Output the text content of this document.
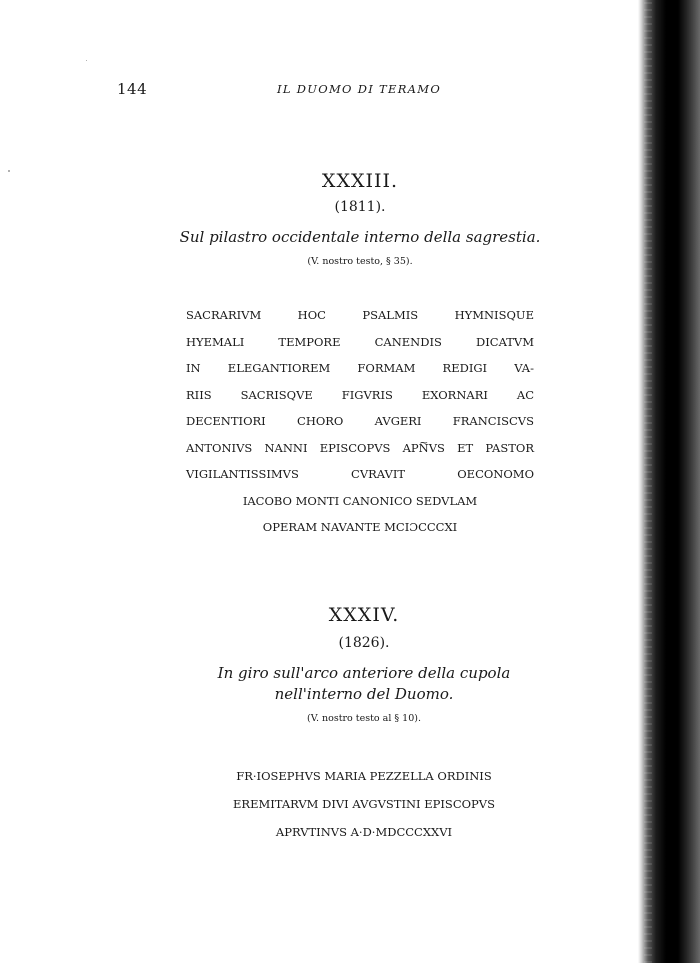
144	IL DUOMO DI TERAMO
XXXIII.
(1811).
Sul pilastro occidentale interno della sagrestia.
(V. nostro testo, § 35).
SACRARIVM HOC PSALMIS HYMNISQUE
HYEMALI TEMPORE CANENDIS DICATVM
IN ELEGANTIOREM FORMAM REDIGI VA-
RIIS SACRISQVE FIGVRIS EXORNARI AC
DECENTIORI CHORO AVGERI FRANCISCVS
ANTONIVS NANNI EPISCOPVS ~ APNVS ET PASTOR
VIGILANTISSIMVS CVRAVIT OECONOMO
IACOBO MONTI CANONICO SEDVLAM
OPERAM NAVANTE MCIƆCCCXI
XXXIV.
(1826).
In giro sull'arco anteriore della cupola
nell'interno del Duomo.
(V. nostro testo al § 10).
FR·IOSEPHVS MARIA PEZZELLA ORDINIS
EREMITARVM DIVI AVGVSTINI EPISCOPVS
APRVTINVS A·D·MDCCCXXVI
